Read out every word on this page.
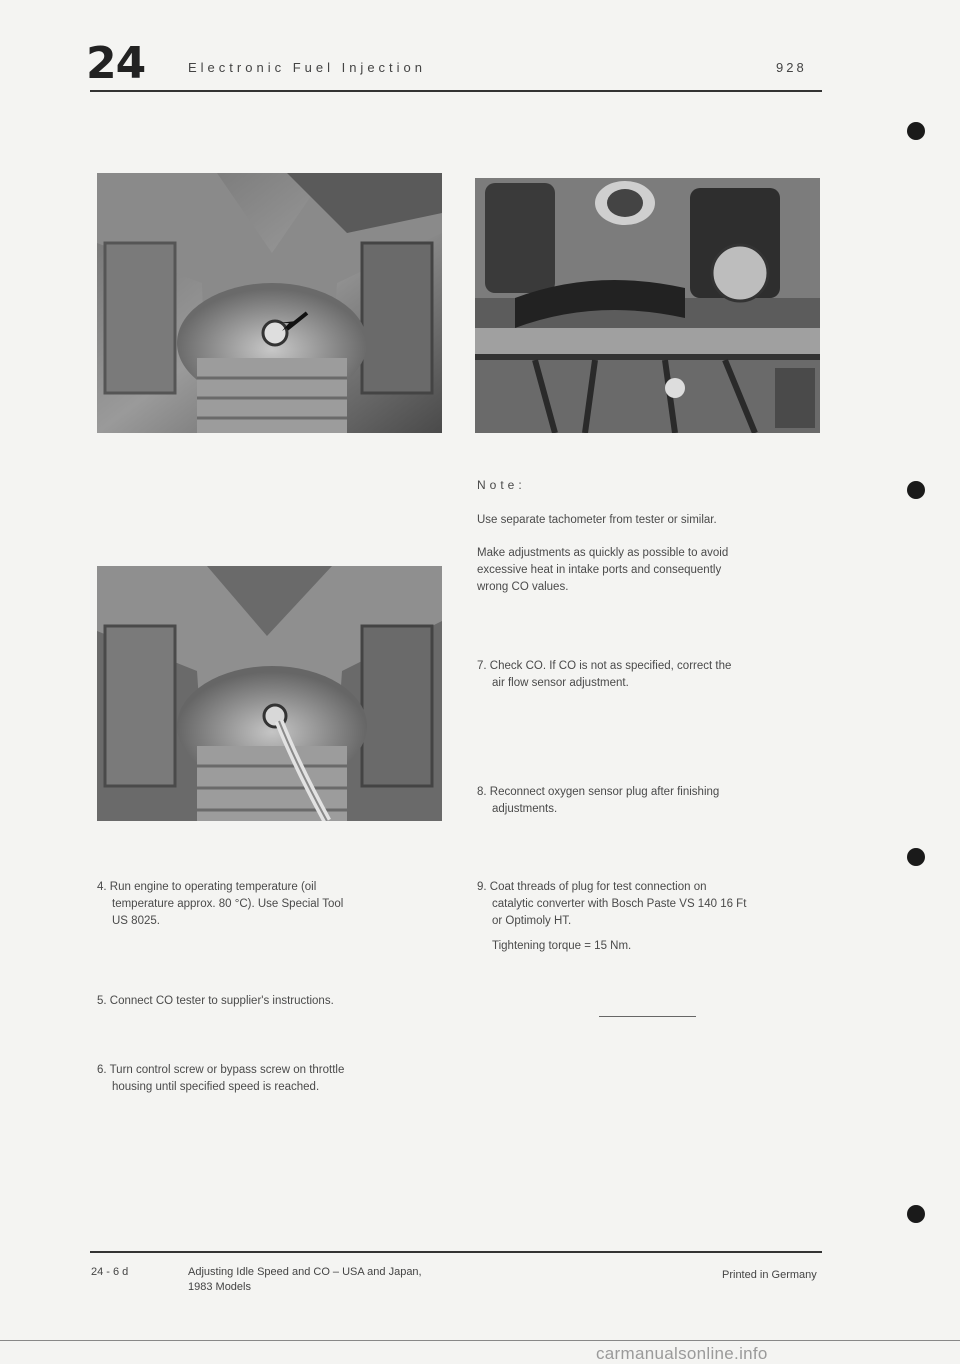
24	Electronic Fuel Injection	928
Note:
Use separate tachometer from tester or similar.
Make adjustments as quickly as possible to avoid
excessive heat in intake ports and consequently
wrong CO values.
7. Check CO. If CO is not as specified, correct the
air flow sensor adjustment.
8. Reconnect oxygen sensor plug after finishing
adjustments.
4. Run engine to operating temperature (oil
temperature approx. 80 °C). Use Special Tool
US 8025.
9. Coat threads of plug for test connection on
catalytic converter with Bosch Paste VS 140 16 Ft
or Optimoly HT.
Tightening torque = 15 Nm.
5. Connect CO tester to supplier's instructions.
6. Turn control screw or bypass screw on throttle
housing until specified speed is reached.
24 - 6 d	Adjusting Idle Speed and CO – USA and Japan,
1983 Models
Printed in Germany
carmanualsonline.info
